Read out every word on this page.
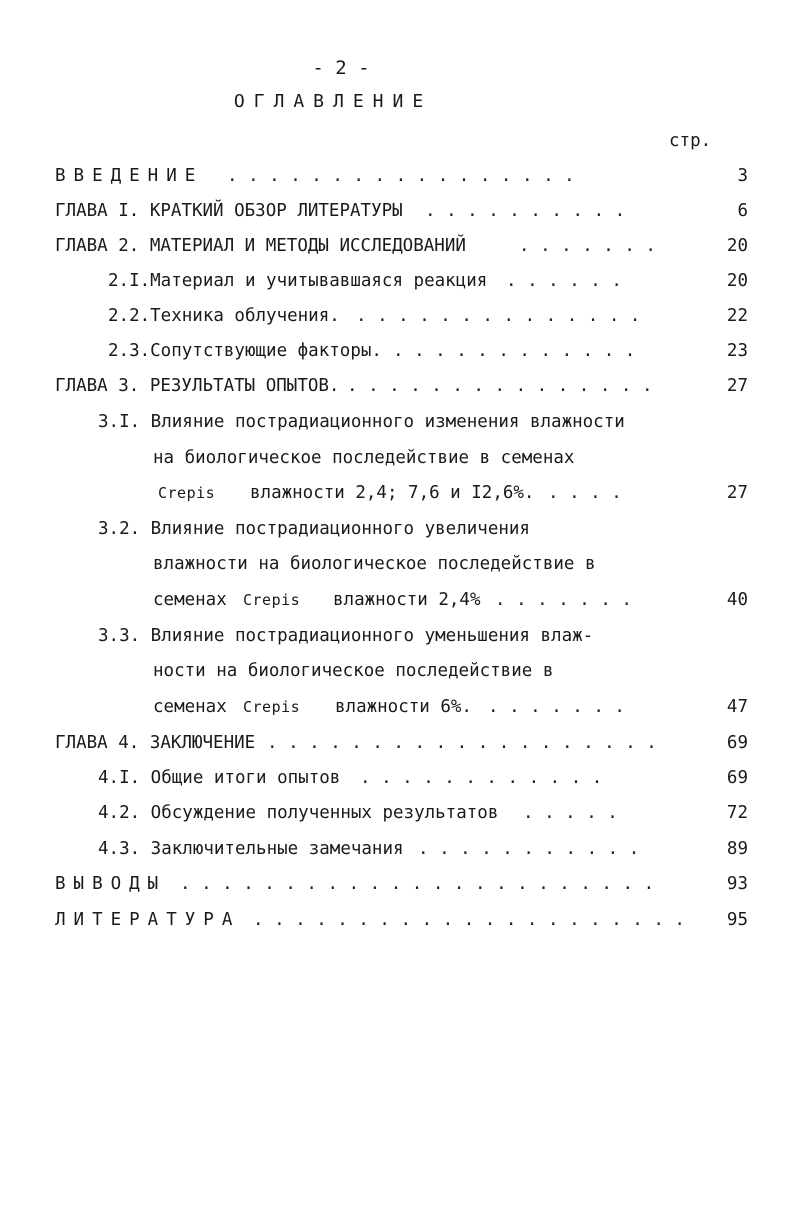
- 2 -
ОГЛАВЛЕНИЕ
стр.
ВВЕДЕНИЕ . . . . . . . . . . . . . . . . .	3
ГЛАВА I. КРАТКИЙ ОБЗОР ЛИТЕРАТУРЫ . . . . . . . . . .	6
ГЛАВА 2. МАТЕРИАЛ И МЕТОДЫ ИССЛЕДОВАНИЙ	. . . . . . .	20
2.I.Материал и учитывавшаяся реакция . . . . . .	20
2.2.Техника облучения. . . . . . . . . . . . . . .	22
2.3.Сопутствующие факторы. . . . . . . . . . . . .	23
ГЛАВА 3. РЕЗУЛЬТАТЫ ОПЫТОВ. . . . . . . . . . . . . . . .	27
3.I. Влияние пострадиационного изменения влажности
на биологическое последействие в семенах
Crepis влажности 2,4; 7,6 и I2,6%. . . . .	27
3.2. Влияние пострадиационного увеличения
влажности на биологическое последействие в
семенах Crepis влажности 2,4% . . . . . . .	40
3.3. Влияние пострадиационного уменьшения влаж-
ности на биологическое последействие в
семенах Crepis влажности 6%. . . . . . . .	47
ГЛАВА 4. ЗАКЛЮЧЕНИЕ . . . . . . . . . . . . . . . . . . .	69
4.I. Общие итоги опытов . . . . . . . . . . . .	69
4.2. Обсуждение полученных результатов . . . . .	72
4.3. Заключительные замечания . . . . . . . . . . .	89
ВЫВОДЫ . . . . . . . . . . . . . . . . . . . . . . .	93
ЛИТЕРАТУРА . . . . . . . . . . . . . . . . . . . . .	95
